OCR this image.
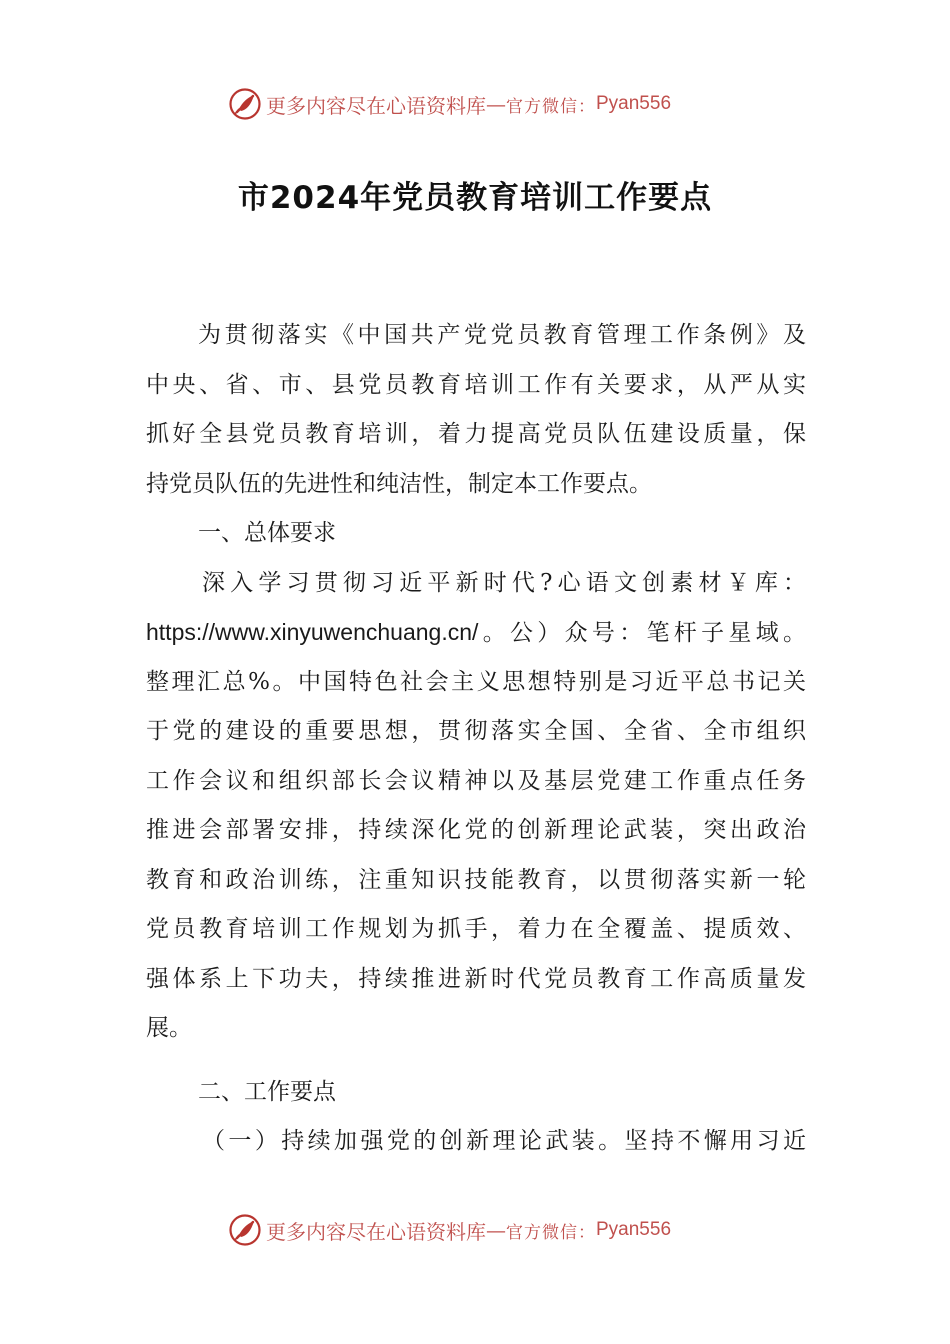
更多内容尽在心语资料库 — 官方微信： Pyan556
市2024年党员教育培训工作要点
为贯彻落实《中国共产党党员教育管理工作条例》及
中央、省、市、县党员教育培训工作有关要求，从严从实
抓好全县党员教育培训，着力提高党员队伍建设质量，保
持党员队伍的先进性和纯洁性，制定本工作要点。
一、总体要求
深入学习贯彻习近平新时代?心语文创素材￥库：
https://www.xinyuwenchuang.cn/。公）众号：笔杆子星域。
整理汇总%。中国特色社会主义思想特别是习近平总书记关
于党的建设的重要思想，贯彻落实全国、全省、全市组织
工作会议和组织部长会议精神以及基层党建工作重点任务
推进会部署安排，持续深化党的创新理论武装，突出政治
教育和政治训练，注重知识技能教育，以贯彻落实新一轮
党员教育培训工作规划为抓手，着力在全覆盖、提质效、
强体系上下功夫，持续推进新时代党员教育工作高质量发
展。
二、工作要点
（一）持续加强党的创新理论武装。坚持不懈用习近
更多内容尽在心语资料库 — 官方微信： Pyan556
